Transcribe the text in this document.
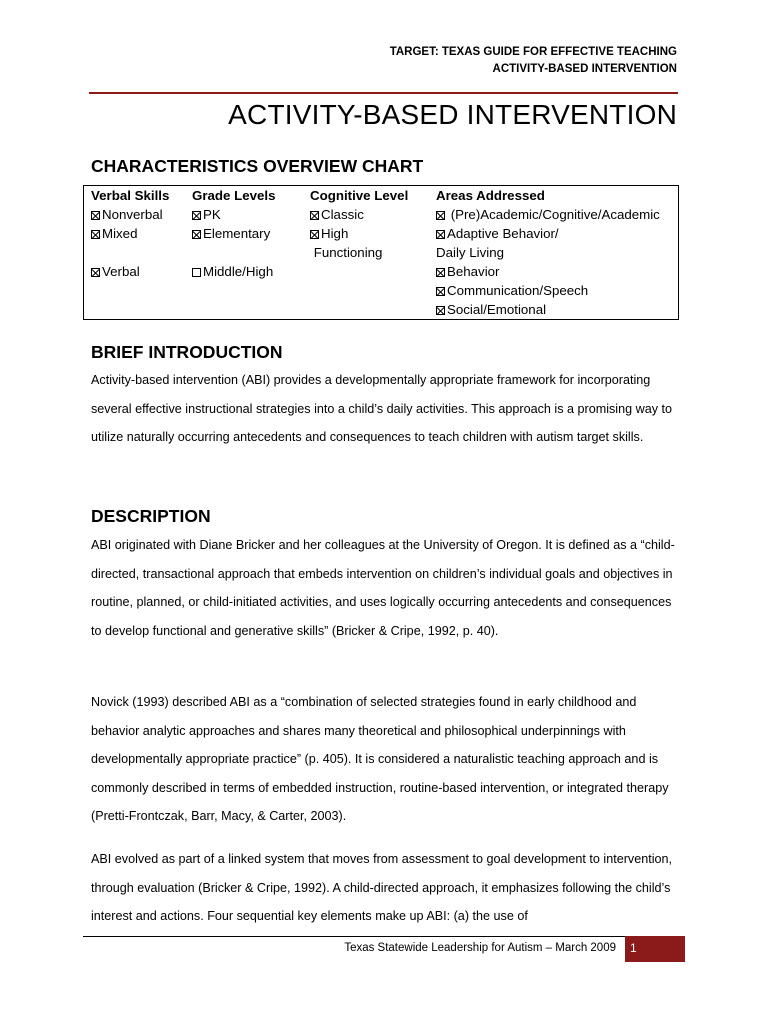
TARGET: TEXAS GUIDE FOR EFFECTIVE TEACHING
ACTIVITY-BASED INTERVENTION
ACTIVITY-BASED INTERVENTION
CHARACTERISTICS OVERVIEW CHART
Verbal Skills
Nonverbal
Mixed
Verbal
Grade Levels
PK
Elementary
Middle/High
Cognitive Level
Classic
High
Functioning
Areas Addressed
(Pre)Academic/Cognitive/Academic
Adaptive Behavior/
Daily Living
Behavior
Communication/Speech
Social/Emotional
BRIEF INTRODUCTION
Activity-based intervention (ABI) provides a developmentally appropriate framework for incorporating several effective instructional strategies into a child’s daily activities. This approach is a promising way to utilize naturally occurring antecedents and consequences to teach children with autism target skills.
DESCRIPTION
ABI originated with Diane Bricker and her colleagues at the University of Oregon. It is defined as a “child-directed, transactional approach that embeds intervention on children’s individual goals and objectives in routine, planned, or child-initiated activities, and uses logically occurring antecedents and consequences to develop functional and generative skills” (Bricker & Cripe, 1992, p. 40).
Novick (1993) described ABI as a “combination of selected strategies found in early childhood and behavior analytic approaches and shares many theoretical and philosophical underpinnings with developmentally appropriate practice” (p. 405). It is considered a naturalistic teaching approach and is commonly described in terms of embedded instruction, routine-based intervention, or integrated therapy (Pretti-Frontczak, Barr, Macy, & Carter, 2003).
ABI evolved as part of a linked system that moves from assessment to goal development to intervention, through evaluation (Bricker & Cripe, 1992). A child-directed approach, it emphasizes following the child’s interest and actions. Four sequential key elements make up ABI: (a) the use of
Texas Statewide Leadership for Autism – March 2009	1
